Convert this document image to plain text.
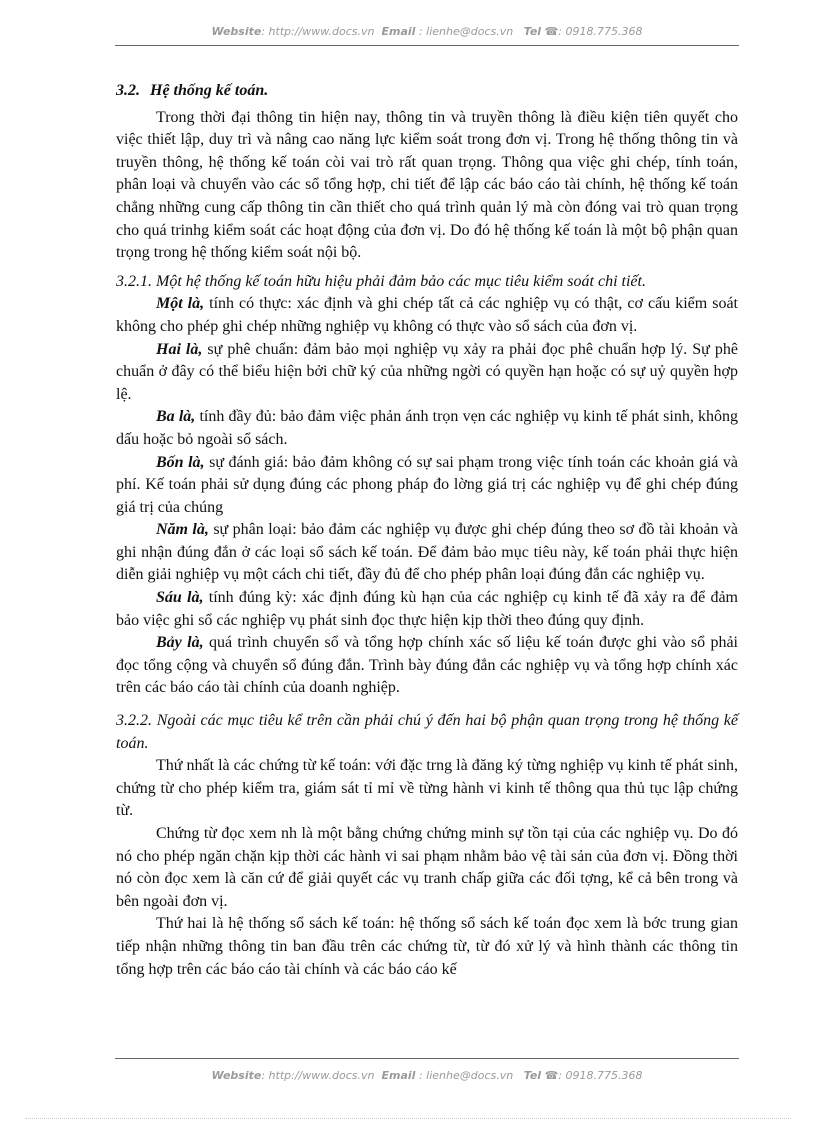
Website: http://www.docs.vn Email : lienhe@docs.vn Tel ☎: 0918.775.368

3.2. Hệ thống kế toán.

Trong thời đại thông tin hiện nay, thông tin và truyền thông là điều kiện tiên quyết cho việc thiết lập, duy trì và nâng cao năng lực kiểm soát trong đơn vị. Trong hệ thống thông tin và truyền thông, hệ thống kế toán còi vai trò rất quan trọng. Thông qua việc ghi chép, tính toán, phân loại và chuyển vào các sổ tổng hợp, chi tiết để lập các báo cáo tài chính, hệ thống kế toán chẳng những cung cấp thông tin cần thiết cho quá trình quản lý mà còn đóng vai trò quan trọng cho quá trinhg kiểm soát các hoạt động của đơn vị. Do đó hệ thống kế toán là một bộ phận quan trọng trong hệ thống kiểm soát nội bộ.

3.2.1. Một hệ thống kế toán hữu hiệu phải đảm bảo các mục tiêu kiểm soát chi tiết.

Một là, tính có thực: xác định và ghi chép tất cả các nghiệp vụ có thật, cơ cấu kiểm soát không cho phép ghi chép những nghiệp vụ không có thực vào sổ sách của đơn vị.

Hai là, sự phê chuẩn: đảm bảo mọi nghiệp vụ xảy ra phải đọc phê chuẩn hợp lý. Sự phê chuẩn ở đây có thể biểu hiện bởi chữ ký của những ngời có quyền hạn hoặc có sự uỷ quyền hợp lệ.

Ba là, tính đầy đủ: bảo đảm việc phản ánh trọn vẹn các nghiệp vụ kinh tế phát sinh, không dấu hoặc bỏ ngoài sổ sách.

Bốn là, sự đánh giá: bảo đảm không có sự sai phạm trong việc tính toán các khoản giá và phí. Kế toán phải sử dụng đúng các phong pháp đo lờng giá trị các nghiệp vụ để ghi chép đúng giá trị của chúng

Năm là, sự phân loại: bảo đảm các nghiệp vụ được ghi chép đúng theo sơ đồ tài khoản và ghi nhận đúng đắn ở các loại sổ sách kế toán. Để đảm bảo mục tiêu này, kế toán phải thực hiện diễn giải nghiệp vụ một cách chi tiết, đầy đủ để cho phép phân loại đúng đắn các nghiệp vụ.

Sáu là, tính đúng kỳ: xác định đúng kù hạn của các nghiệp cụ kinh tế đã xảy ra để đảm bảo việc ghi sổ các nghiệp vụ phát sinh đọc thực hiện kịp thời theo đúng quy định.

Bảy là, quá trình chuyển sổ và tổng hợp chính xác số liệu kế toán được ghi vào sổ phải đọc tổng cộng và chuyển sổ đúng đắn. Trình bày đúng đắn các nghiệp vụ và tổng hợp chính xác trên các báo cáo tài chính của doanh nghiệp.

3.2.2. Ngoài các mục tiêu kể trên cần phải chú ý đến hai bộ phận quan trọng trong hệ thống kế toán.

Thứ nhất là các chứng từ kế toán: với đặc trng là đăng ký từng nghiệp vụ kinh tế phát sinh, chứng từ cho phép kiểm tra, giám sát tỉ mỉ về từng hành vi kinh tế thông qua thủ tục lập chứng từ.

Chứng từ đọc xem nh là một bằng chứng chứng minh sự tồn tại của các nghiệp vụ. Do đó nó cho phép ngăn chặn kịp thời các hành vi sai phạm nhằm bảo vệ tài sản của đơn vị. Đồng thời nó còn đọc xem là căn cứ để giải quyết các vụ tranh chấp giữa các đối tợng, kể cả bên trong và bên ngoài đơn vị.

Thứ hai là hệ thống sổ sách kế toán: hệ thống sổ sách kế toán đọc xem là bớc trung gian tiếp nhận những thông tin ban đầu trên các chứng từ, từ đó xử lý và hình thành các thông tin tổng hợp trên các báo cáo tài chính và các báo cáo kế

Website: http://www.docs.vn Email : lienhe@docs.vn Tel ☎: 0918.775.368
